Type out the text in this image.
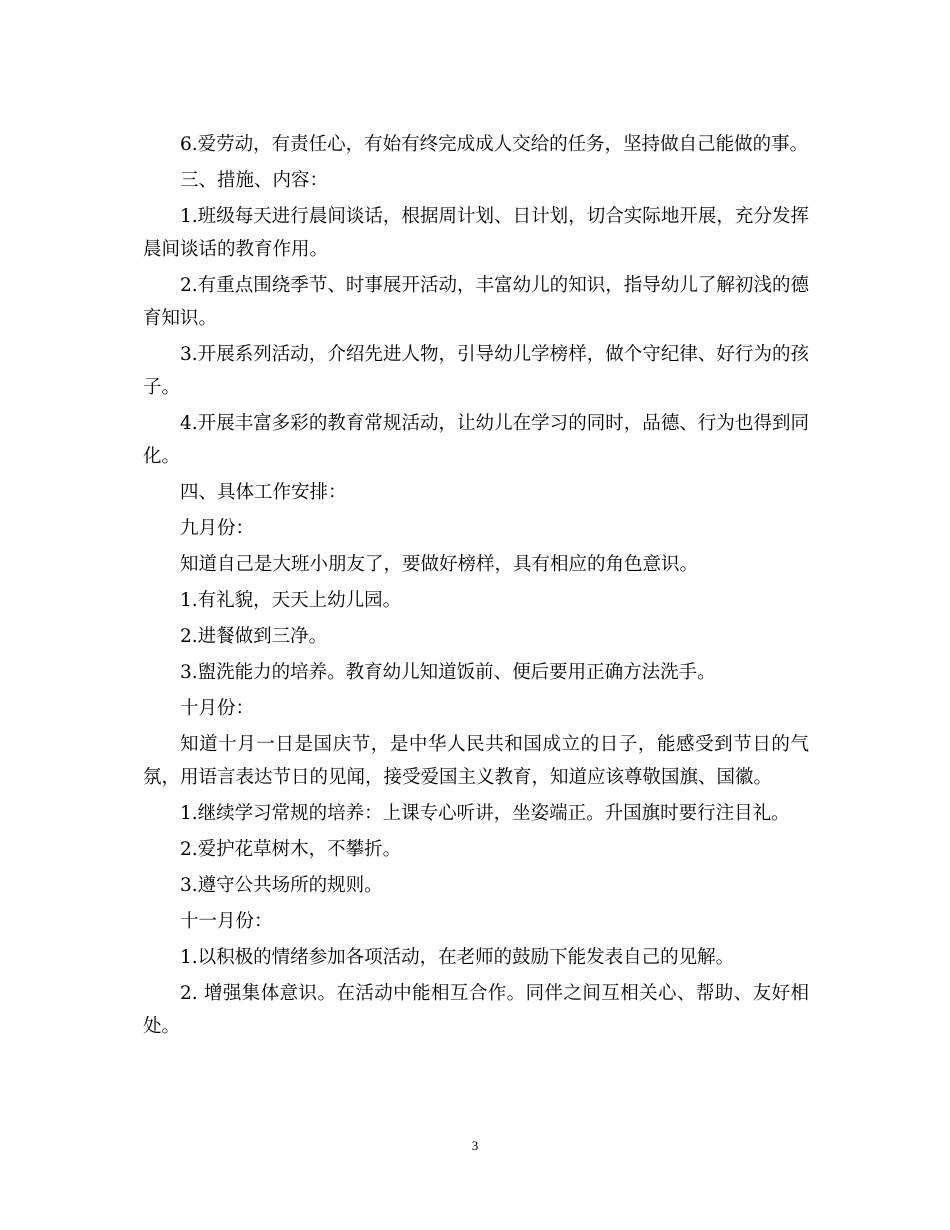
6.爱劳动，有责任心，有始有终完成成人交给的任务，坚持做自己能做的事。

三、措施、内容：

1.班级每天进行晨间谈话，根据周计划、日计划，切合实际地开展，充分发挥晨间谈话的教育作用。

2.有重点围绕季节、时事展开活动，丰富幼儿的知识，指导幼儿了解初浅的德育知识。

3.开展系列活动，介绍先进人物，引导幼儿学榜样，做个守纪律、好行为的孩子。

4.开展丰富多彩的教育常规活动，让幼儿在学习的同时，品德、行为也得到同化。

四、具体工作安排：

九月份：

知道自己是大班小朋友了，要做好榜样，具有相应的角色意识。

1.有礼貌，天天上幼儿园。

2.进餐做到三净。

3.盥洗能力的培养。教育幼儿知道饭前、便后要用正确方法洗手。

十月份：

知道十月一日是国庆节，是中华人民共和国成立的日子，能感受到节日的气氛，用语言表达节日的见闻，接受爱国主义教育，知道应该尊敬国旗、国徽。

1.继续学习常规的培养：上课专心听讲，坐姿端正。升国旗时要行注目礼。

2.爱护花草树木，不攀折。

3.遵守公共场所的规则。

十一月份：

1.以积极的情绪参加各项活动，在老师的鼓励下能发表自己的见解。

2. 增强集体意识。在活动中能相互合作。同伴之间互相关心、帮助、友好相处。

3
